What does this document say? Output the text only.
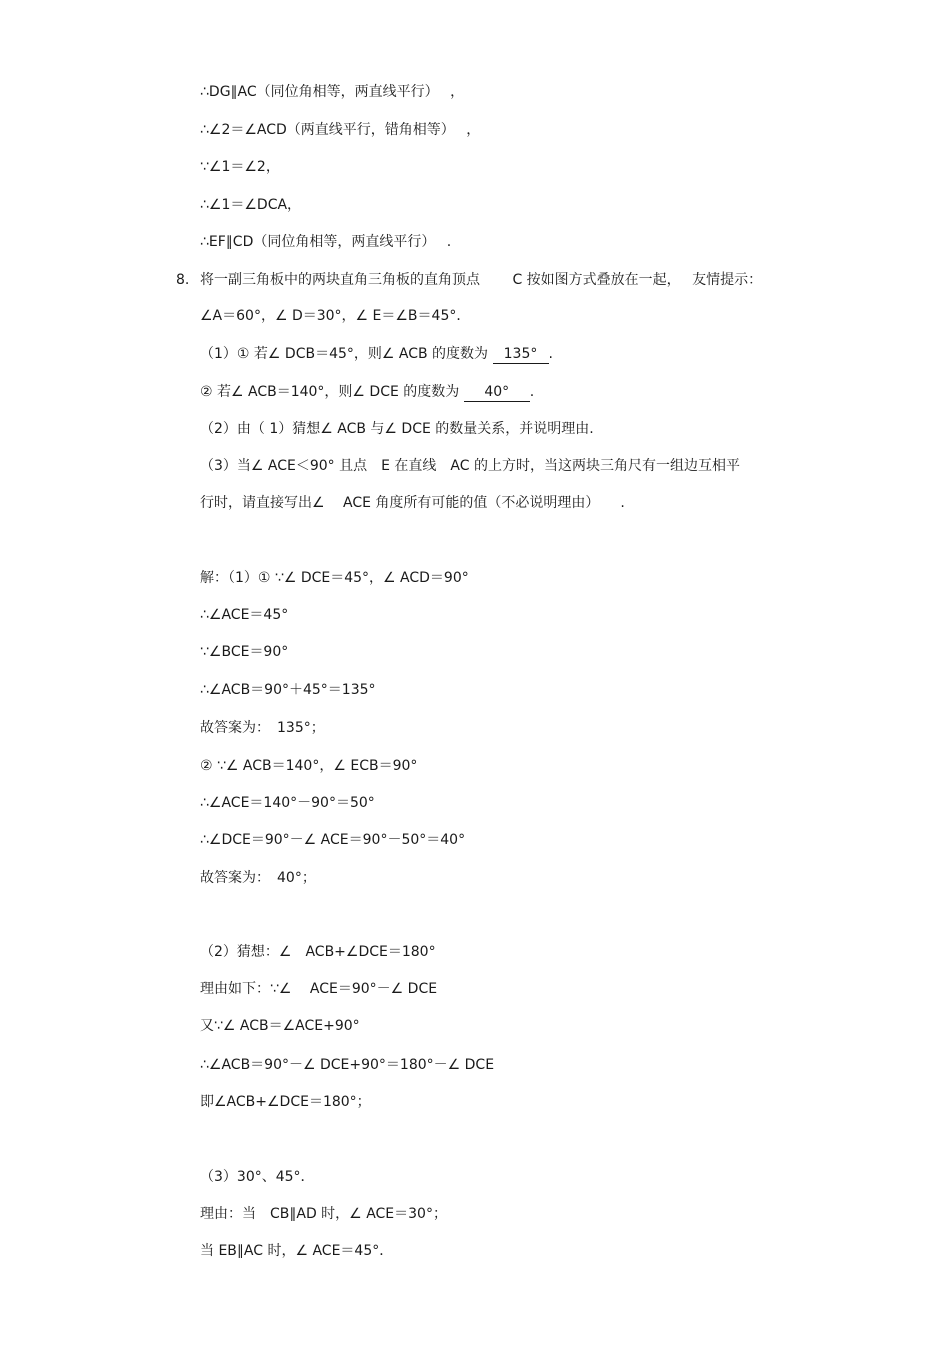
∴DG∥AC（同位角相等，两直线平行）　 ，
∴∠2＝∠ACD（两直线平行，错角相等）　 ，
∵∠1＝∠2，
∴∠1＝∠DCA，
∴EF∥CD（同位角相等，两直线平行）　 .
8. 将一副三角板中的两块直角三角板的直角顶点　　 C 按如图方式叠放在一起，　 友情提示：
∠A＝60°，∠ D＝30°，∠ E＝∠B＝45°．
（1）① 若∠ DCB＝45°，则∠ ACB 的度数为 135° .
② 若∠ ACB＝140°，则∠ DCE 的度数为 40° .
（2）由（ 1）猜想∠ ACB 与∠ DCE 的数量关系，并说明理由.
（3）当∠ ACE＜90° 且点　E 在直线　AC 的上方时，当这两块三角尺有一组边互相平
行时，请直接写出∠　 ACE 角度所有可能的值（不必说明理由）　　.
解：（1）① ∵∠ DCE＝45°，∠ ACD＝90°
∴∠ACE＝45°
∵∠BCE＝90°
∴∠ACB＝90°＋45°＝135°
故答案为：　135°；
② ∵∠ ACB＝140°，∠ ECB＝90°
∴∠ACE＝140°－90°＝50°
∴∠DCE＝90°－∠ ACE＝90°－50°＝40°
故答案为：　40°；
（2）猜想：∠　ACB+∠DCE＝180°
理由如下：∵∠　 ACE＝90°－∠ DCE
又∵∠ ACB＝∠ACE+90°
∴∠ACB＝90°－∠ DCE+90°＝180°－∠ DCE
即∠ACB+∠DCE＝180°；
（3）30°、45°．
理由：当　CB∥AD 时，∠ ACE＝30°；
当 EB∥AC 时，∠ ACE＝45°．
